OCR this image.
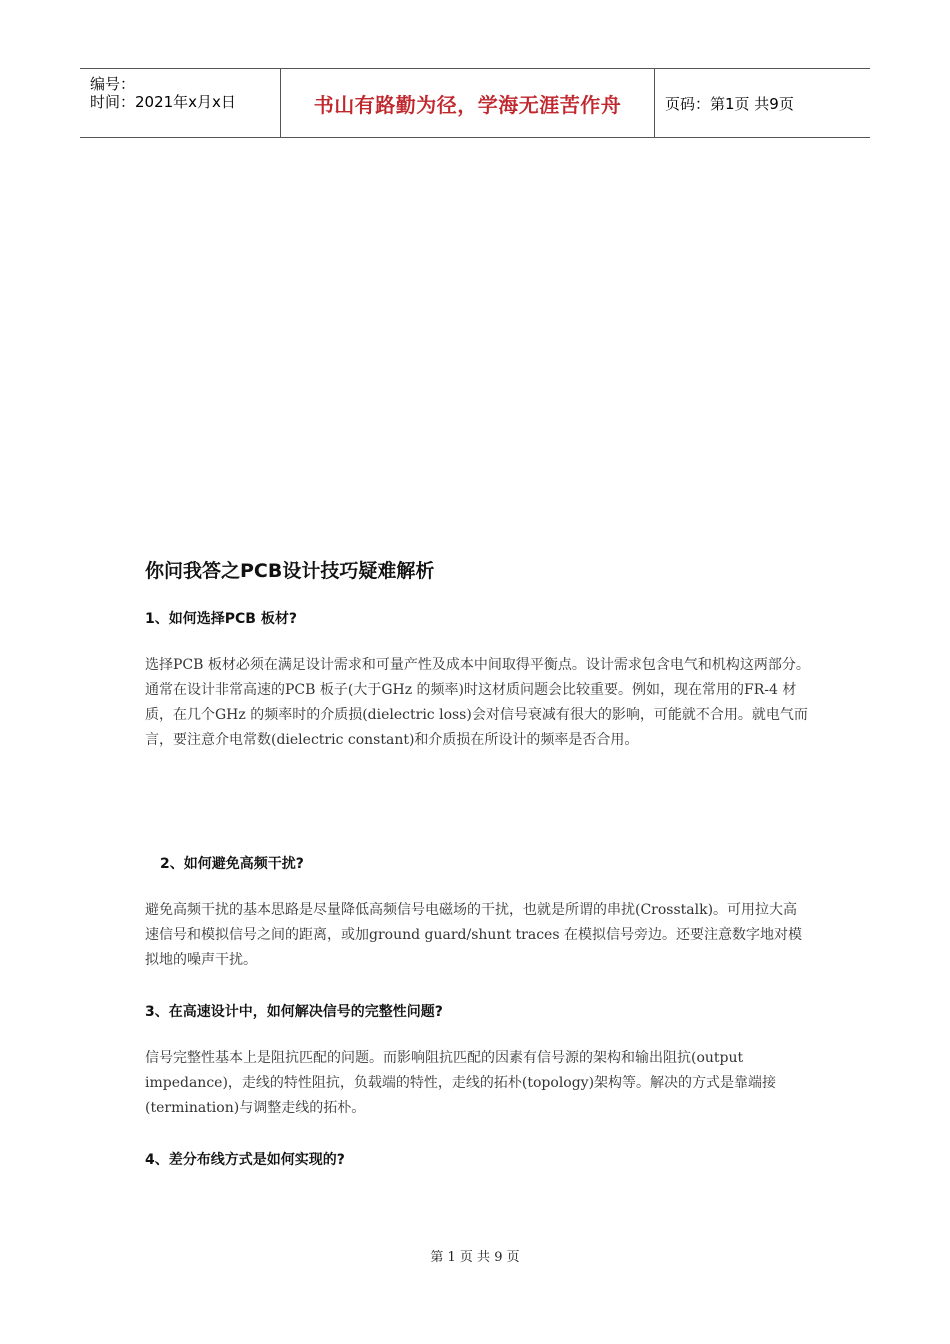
编号：
时间：2021年x月x日	书山有路勤为径，学海无涯苦作舟	页码：第1页 共9页
你问我答之PCB设计技巧疑难解析
1、如何选择PCB 板材?

选择PCB 板材必须在满足设计需求和可量产性及成本中间取得平衡点。设计需求包含电气和机构这两部分。通常在设计非常高速的PCB 板子(大于GHz 的频率)时这材质问题会比较重要。例如，现在常用的FR-4 材质，在几个GHz 的频率时的介质损(dielectric loss)会对信号衰减有很大的影响，可能就不合用。就电气而言，要注意介电常数(dielectric constant)和介质损在所设计的频率是否合用。

2、如何避免高频干扰?

避免高频干扰的基本思路是尽量降低高频信号电磁场的干扰，也就是所谓的串扰(Crosstalk)。可用拉大高速信号和模拟信号之间的距离，或加ground guard/shunt traces 在模拟信号旁边。还要注意数字地对模拟地的噪声干扰。

3、在高速设计中，如何解决信号的完整性问题?

信号完整性基本上是阻抗匹配的问题。而影响阻抗匹配的因素有信号源的架构和输出阻抗(output impedance)，走线的特性阻抗，负载端的特性，走线的拓朴(topology)架构等。解决的方式是靠端接(termination)与调整走线的拓朴。

4、差分布线方式是如何实现的?
第 1 页 共 9 页
